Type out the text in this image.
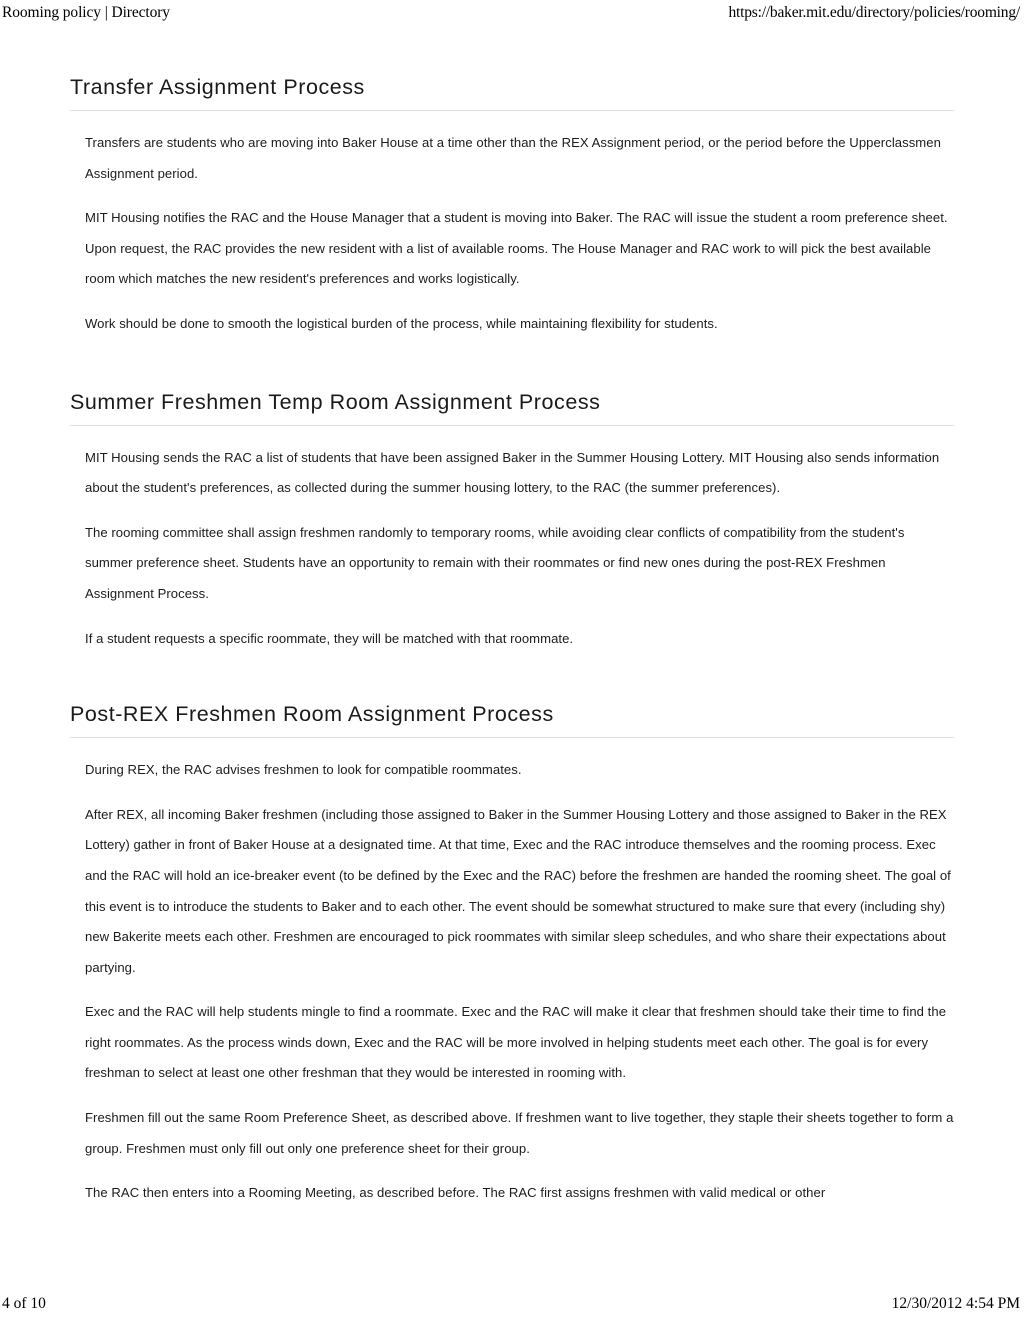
Rooming policy | Directory	https://baker.mit.edu/directory/policies/rooming/
Transfer Assignment Process

Transfers are students who are moving into Baker House at a time other than the REX Assignment period, or the period before the Upperclassmen Assignment period.

MIT Housing notifies the RAC and the House Manager that a student is moving into Baker. The RAC will issue the student a room preference sheet. Upon request, the RAC provides the new resident with a list of available rooms. The House Manager and RAC work to will pick the best available room which matches the new resident's preferences and works logistically.

Work should be done to smooth the logistical burden of the process, while maintaining flexibility for students.

Summer Freshmen Temp Room Assignment Process

MIT Housing sends the RAC a list of students that have been assigned Baker in the Summer Housing Lottery. MIT Housing also sends information about the student's preferences, as collected during the summer housing lottery, to the RAC (the summer preferences).

The rooming committee shall assign freshmen randomly to temporary rooms, while avoiding clear conflicts of compatibility from the student's summer preference sheet. Students have an opportunity to remain with their roommates or find new ones during the post-REX Freshmen Assignment Process.

If a student requests a specific roommate, they will be matched with that roommate.

Post-REX Freshmen Room Assignment Process

During REX, the RAC advises freshmen to look for compatible roommates.

After REX, all incoming Baker freshmen (including those assigned to Baker in the Summer Housing Lottery and those assigned to Baker in the REX Lottery) gather in front of Baker House at a designated time. At that time, Exec and the RAC introduce themselves and the rooming process. Exec and the RAC will hold an ice-breaker event (to be defined by the Exec and the RAC) before the freshmen are handed the rooming sheet. The goal of this event is to introduce the students to Baker and to each other. The event should be somewhat structured to make sure that every (including shy) new Bakerite meets each other. Freshmen are encouraged to pick roommates with similar sleep schedules, and who share their expectations about partying.

Exec and the RAC will help students mingle to find a roommate. Exec and the RAC will make it clear that freshmen should take their time to find the right roommates. As the process winds down, Exec and the RAC will be more involved in helping students meet each other. The goal is for every freshman to select at least one other freshman that they would be interested in rooming with.

Freshmen fill out the same Room Preference Sheet, as described above. If freshmen want to live together, they staple their sheets together to form a group. Freshmen must only fill out only one preference sheet for their group.

The RAC then enters into a Rooming Meeting, as described before. The RAC first assigns freshmen with valid medical or other

4 of 10	12/30/2012 4:54 PM
